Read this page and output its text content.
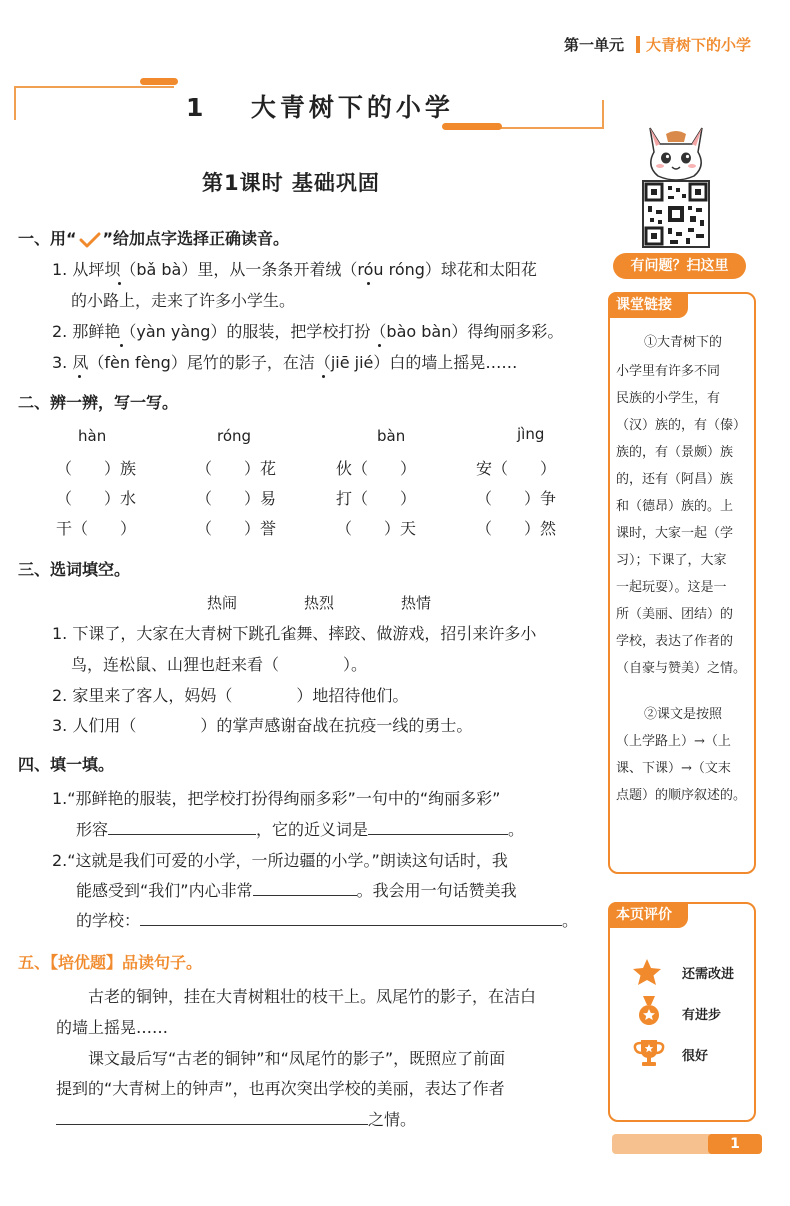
第一单元 大青树下的小学
1 大青树下的小学
第1课时 基础巩固
一、用“ ”给加点字选择正确读音。
1. 从坪坝（bǎ bà）里，从一条条开着绒（róu róng）球花和太阳花
的小路上，走来了许多小学生。
2. 那鲜艳（yàn yàng）的服装，把学校打扮（bào bàn）得绚丽多彩。
3. 凤（fèn fèng）尾竹的影子，在洁（jiē jié）白的墙上摇晃……
二、辨一辨，写一写。
hàn	róng	bàn	jìng
（　　）族	（　　）花	伙（　　）	安（　　）
（　　）水	（　　）易	打（　　）	（　　）争
干（　　）	（　　）誉	（　　）天	（　　）然
三、选词填空。
热闹	热烈	热情
1. 下课了，大家在大青树下跳孔雀舞、摔跤、做游戏，招引来许多小
鸟，连松鼠、山狸也赶来看（　　　　）。
2. 家里来了客人，妈妈（　　　　）地招待他们。
3. 人们用（　　　　）的掌声感谢奋战在抗疫一线的勇士。
四、填一填。
1.“那鲜艳的服装，把学校打扮得绚丽多彩”一句中的“绚丽多彩”
形容	，它的近义词是	。
2.“这就是我们可爱的小学，一所边疆的小学。”朗读这句话时，我
能感受到“我们”内心非常	。我会用一句话赞美我
的学校：	。
五、【培优题】品读句子。
古老的铜钟，挂在大青树粗壮的枝干上。凤尾竹的影子，在洁白
的墙上摇晃……
课文最后写“古老的铜钟”和“凤尾竹的影子”，既照应了前面
提到的“大青树上的钟声”，也再次突出学校的美丽，表达了作者
之情。
有问题？扫这里
课堂链接
①大青树下的
小学里有许多不同
民族的小学生，有
（汉）族的，有（傣）
族的，有（景颇）族
的，还有（阿昌）族
和（德昂）族的。上
课时，大家一起（学
习）；下课了，大家
一起玩耍）。这是一
所（美丽、团结）的
学校，表达了作者的
（自豪与赞美）之情。
②课文是按照
（上学路上）→（上
课、下课）→（文末
点题）的顺序叙述的。
本页评价
还需改进
有进步
很好
1
